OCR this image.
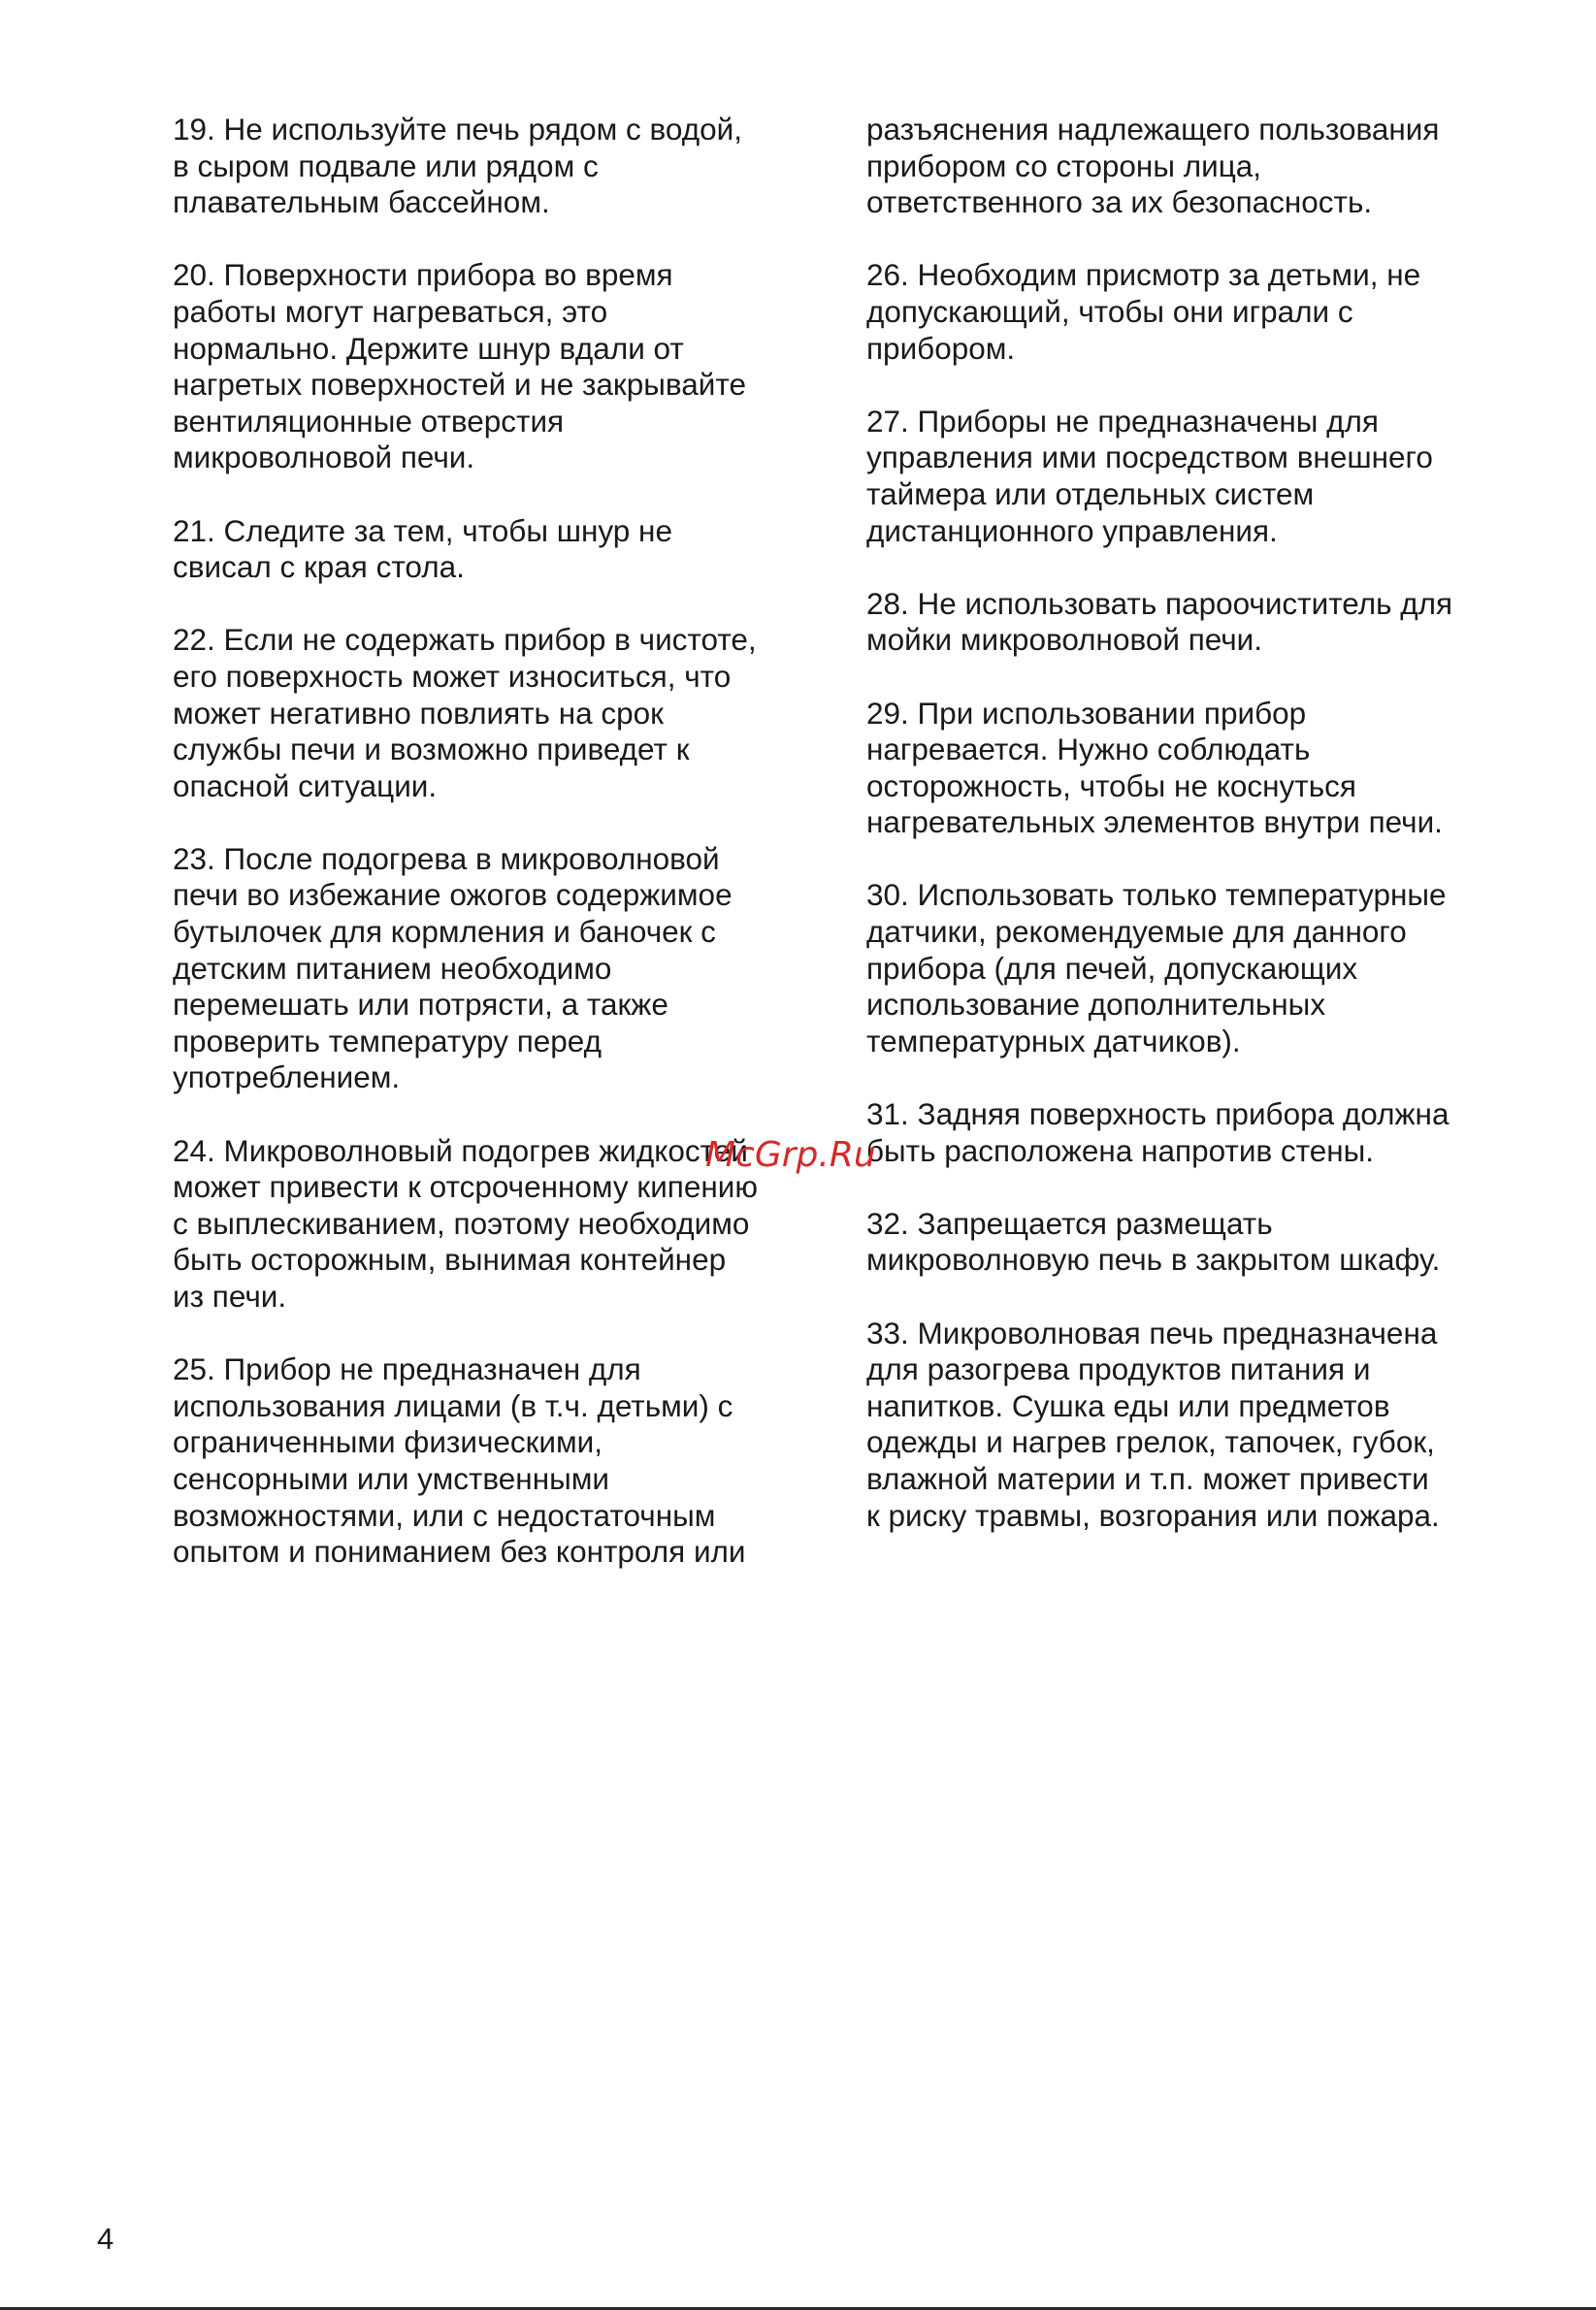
19. Не используйте печь рядом с водой,
в сыром подвале или рядом с
плавательным бассейном.

20. Поверхности прибора во время
работы могут нагреваться, это
нормально. Держите шнур вдали от
нагретых поверхностей и не закрывайте
вентиляционные отверстия
микроволновой печи.

21. Следите за тем, чтобы шнур не
свисал с края стола.

22. Если не содержать прибор в чистоте,
его поверхность может износиться, что
может негативно повлиять на срок
службы печи и возможно приведет к
опасной ситуации.

23. После подогрева в микроволновой
печи во избежание ожогов содержимое
бутылочек для кормления и баночек с
детским питанием необходимо
перемешать или потрясти, а также
проверить температуру перед
употреблением.

24. Микроволновый подогрев жидкостей
может привести к отсроченному кипению
с выплескиванием, поэтому необходимо
быть осторожным, вынимая контейнер
из печи.

25. Прибор не предназначен для
использования лицами (в т.ч. детьми) с
ограниченными физическими,
сенсорными или умственными
возможностями, или с недостаточным
опытом и пониманием без контроля или

разъяснения надлежащего пользования
прибором со стороны лица,
ответственного за их безопасность.

26. Необходим присмотр за детьми, не
допускающий, чтобы они играли с
прибором.

27. Приборы не предназначены для
управления ими посредством внешнего
таймера или отдельных систем
дистанционного управления.

28. Не использовать пароочиститель для
мойки микроволновой печи.

29. При использовании прибор
нагревается. Нужно соблюдать
осторожность, чтобы не коснуться
нагревательных элементов внутри печи.

30. Использовать только температурные
датчики, рекомендуемые для данного
прибора (для печей, допускающих
использование дополнительных
температурных датчиков).

31. Задняя поверхность прибора должна
быть расположена напротив стены.

32. Запрещается размещать
микроволновую печь в закрытом шкафу.

33. Микроволновая печь предназначена
для разогрева продуктов питания и
напитков. Сушка еды или предметов
одежды и нагрев грелок, тапочек, губок,
влажной материи и т.п. может привести
к риску травмы, возгорания или пожара.

McGrp.Ru
4
